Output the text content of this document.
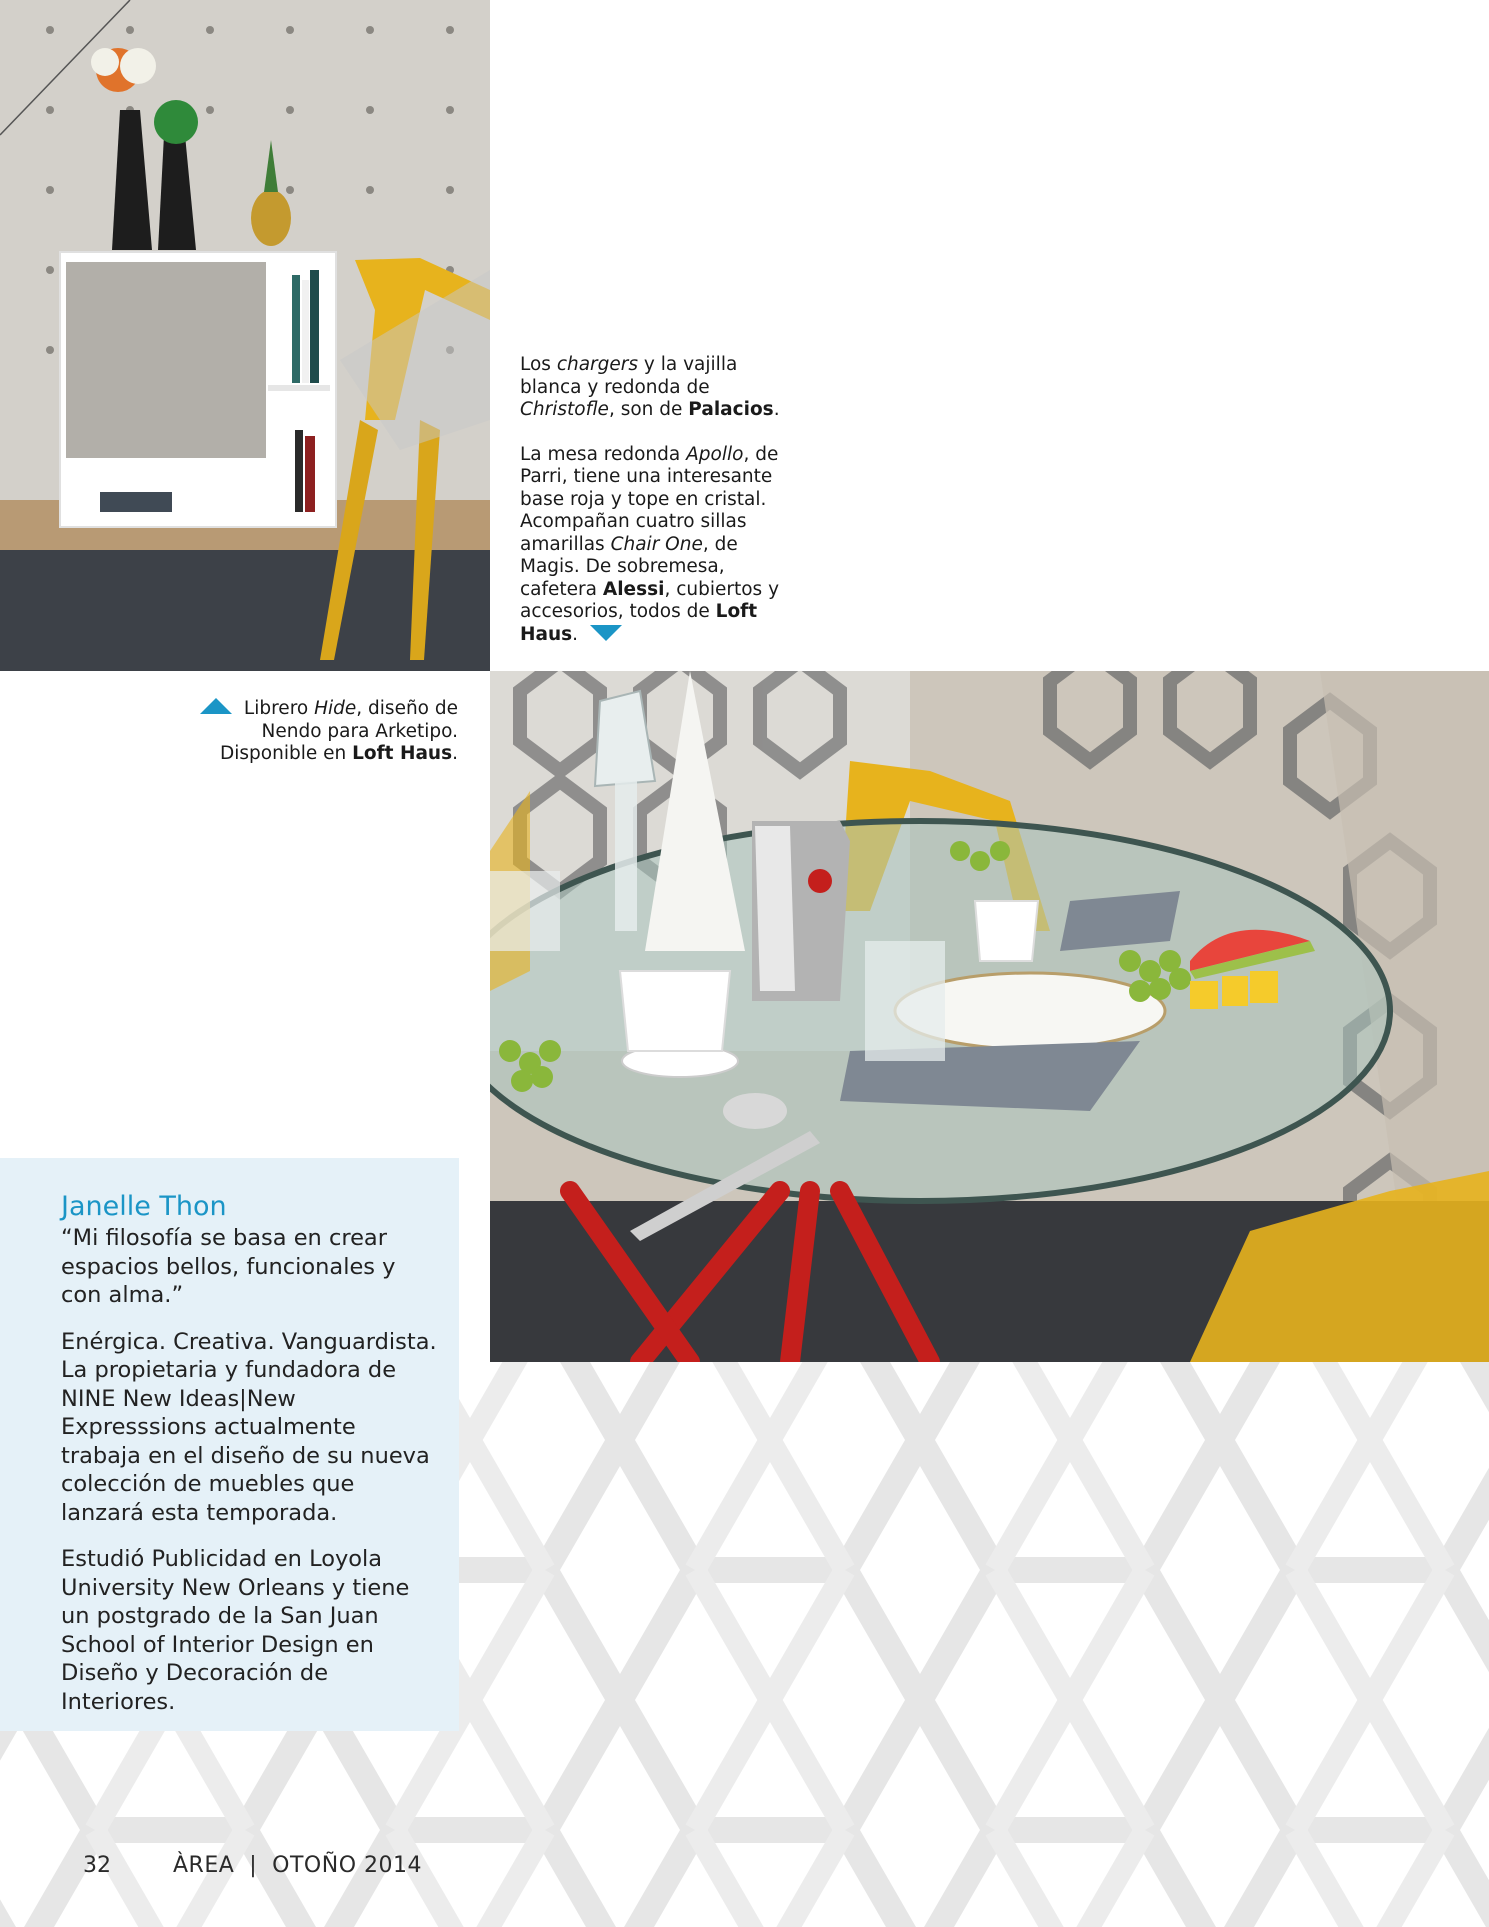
Los chargers y la vajilla blanca y redonda de Christofle, son de Palacios.

La mesa redonda Apollo, de Parri, tiene una interesante base roja y tope en cristal. Acompañan cuatro sillas amarillas Chair One, de Magis. De sobremesa, cafetera Alessi, cubiertos y accesorios, todos de Loft Haus.

Librero Hide, diseño de Nendo para Arketipo. Disponible en Loft Haus.

Janelle Thon

“Mi filosofía se basa en crear espacios bellos, funcionales y con alma.”

Enérgica. Creativa. Vanguardista. La propietaria y fundadora de NINE New Ideas|New Expresssions actualmente trabaja en el diseño de su nueva colección de muebles que lanzará esta temporada.

Estudió Publicidad en Loyola University New Orleans y tiene un postgrado de la San Juan School of Interior Design en Diseño y Decoración de Interiores.

32	ÀREA  |  OTOÑO 2014
